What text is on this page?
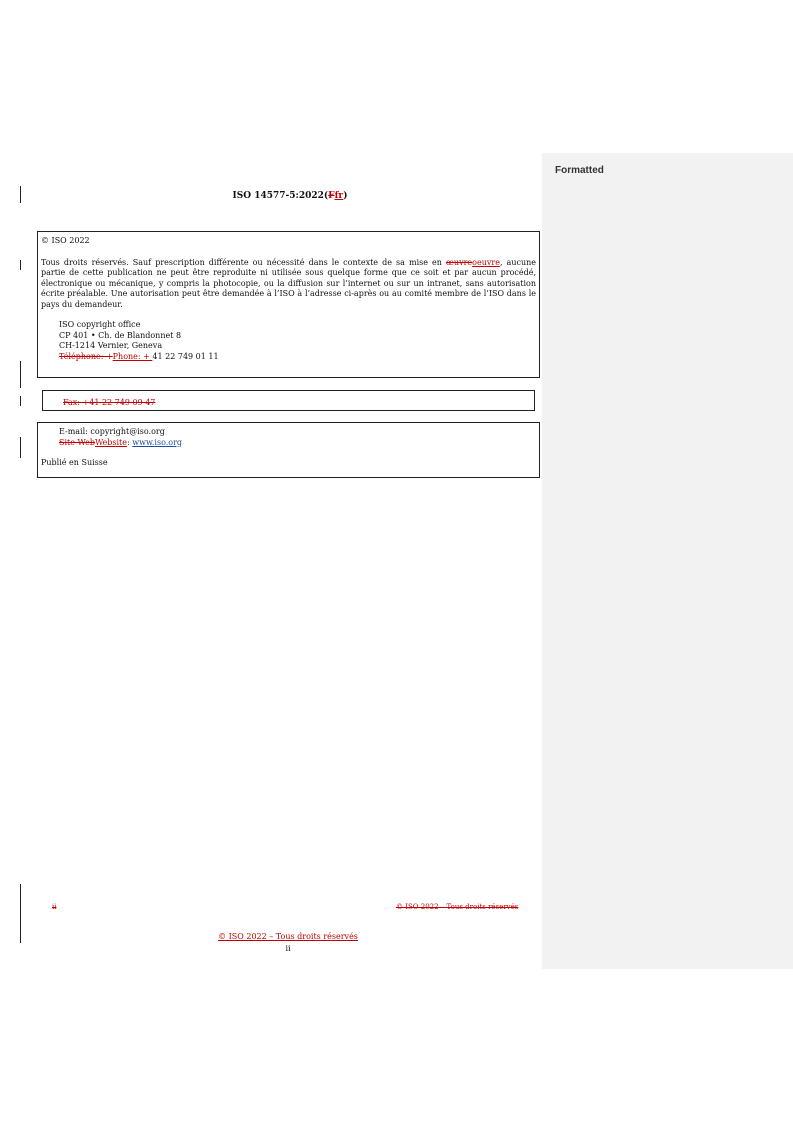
Formatted
ISO 14577-5:2022(Ffr)

© ISO 2022

Tous droits réservés. Sauf prescription différente ou nécessité dans le contexte de sa mise en œuvreoeuvre, aucune partie de cette publication ne peut être reproduite ni utilisée sous quelque forme que ce soit et par aucun procédé, électronique ou mécanique, y compris la photocopie, ou la diffusion sur l’internet ou sur un intranet, sans autorisation écrite préalable. Une autorisation peut être demandée à l’ISO à l’adresse ci-après ou au comité membre de l’ISO dans le pays du demandeur.

ISO copyright office

CP 401 • Ch. de Blandonnet 8

CH-1214 Vernier, Geneva

Téléphone: +Phone: + 41 22 749 01 11

Fax: +41 22 749 09 47

E-mail: copyright@iso.org

Site WebWebsite: www.iso.org

Publié en Suisse

ii	© ISO 2022 – Tous droits réservés
© ISO 2022 – Tous droits réservés
ii
